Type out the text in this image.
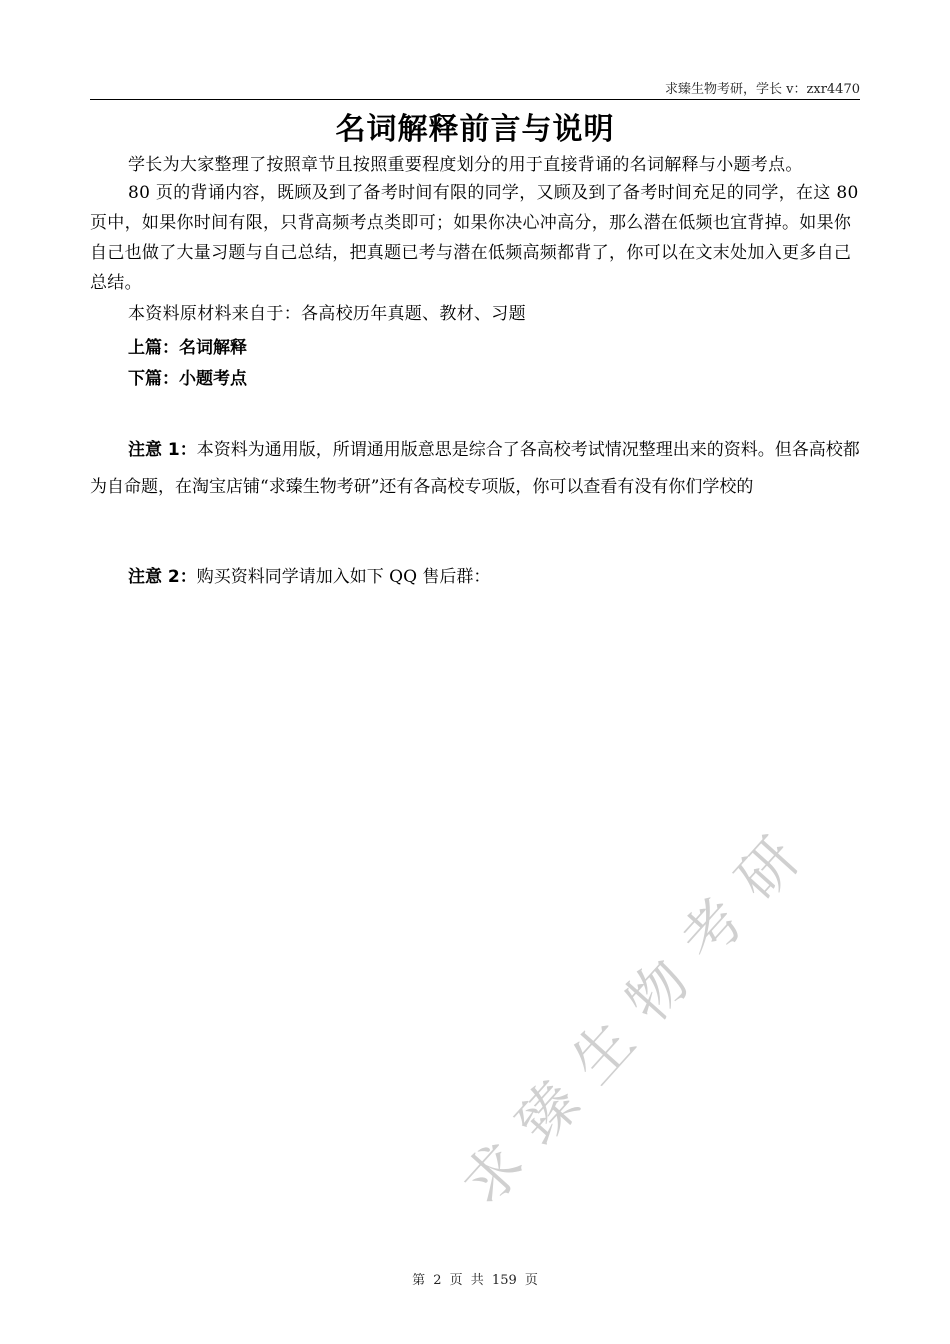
求臻生物考研，学长 v：zxr4470
名词解释前言与说明
学长为大家整理了按照章节且按照重要程度划分的用于直接背诵的名词解释与小题考点。
80 页的背诵内容，既顾及到了备考时间有限的同学，又顾及到了备考时间充足的同学，在这 80 页中，如果你时间有限，只背高频考点类即可；如果你决心冲高分，那么潜在低频也宜背掉。如果你自己也做了大量习题与自己总结，把真题已考与潜在低频高频都背了，你可以在文末处加入更多自己总结。
本资料原材料来自于：各高校历年真题、教材、习题
上篇：名词解释
下篇：小题考点
注意 1：本资料为通用版，所谓通用版意思是综合了各高校考试情况整理出来的资料。但各高校都为自命题，在淘宝店铺“求臻生物考研”还有各高校专项版，你可以查看有没有你们学校的
注意 2：购买资料同学请加入如下 QQ 售后群：
求臻生物考研
第 2 页 共 159 页
